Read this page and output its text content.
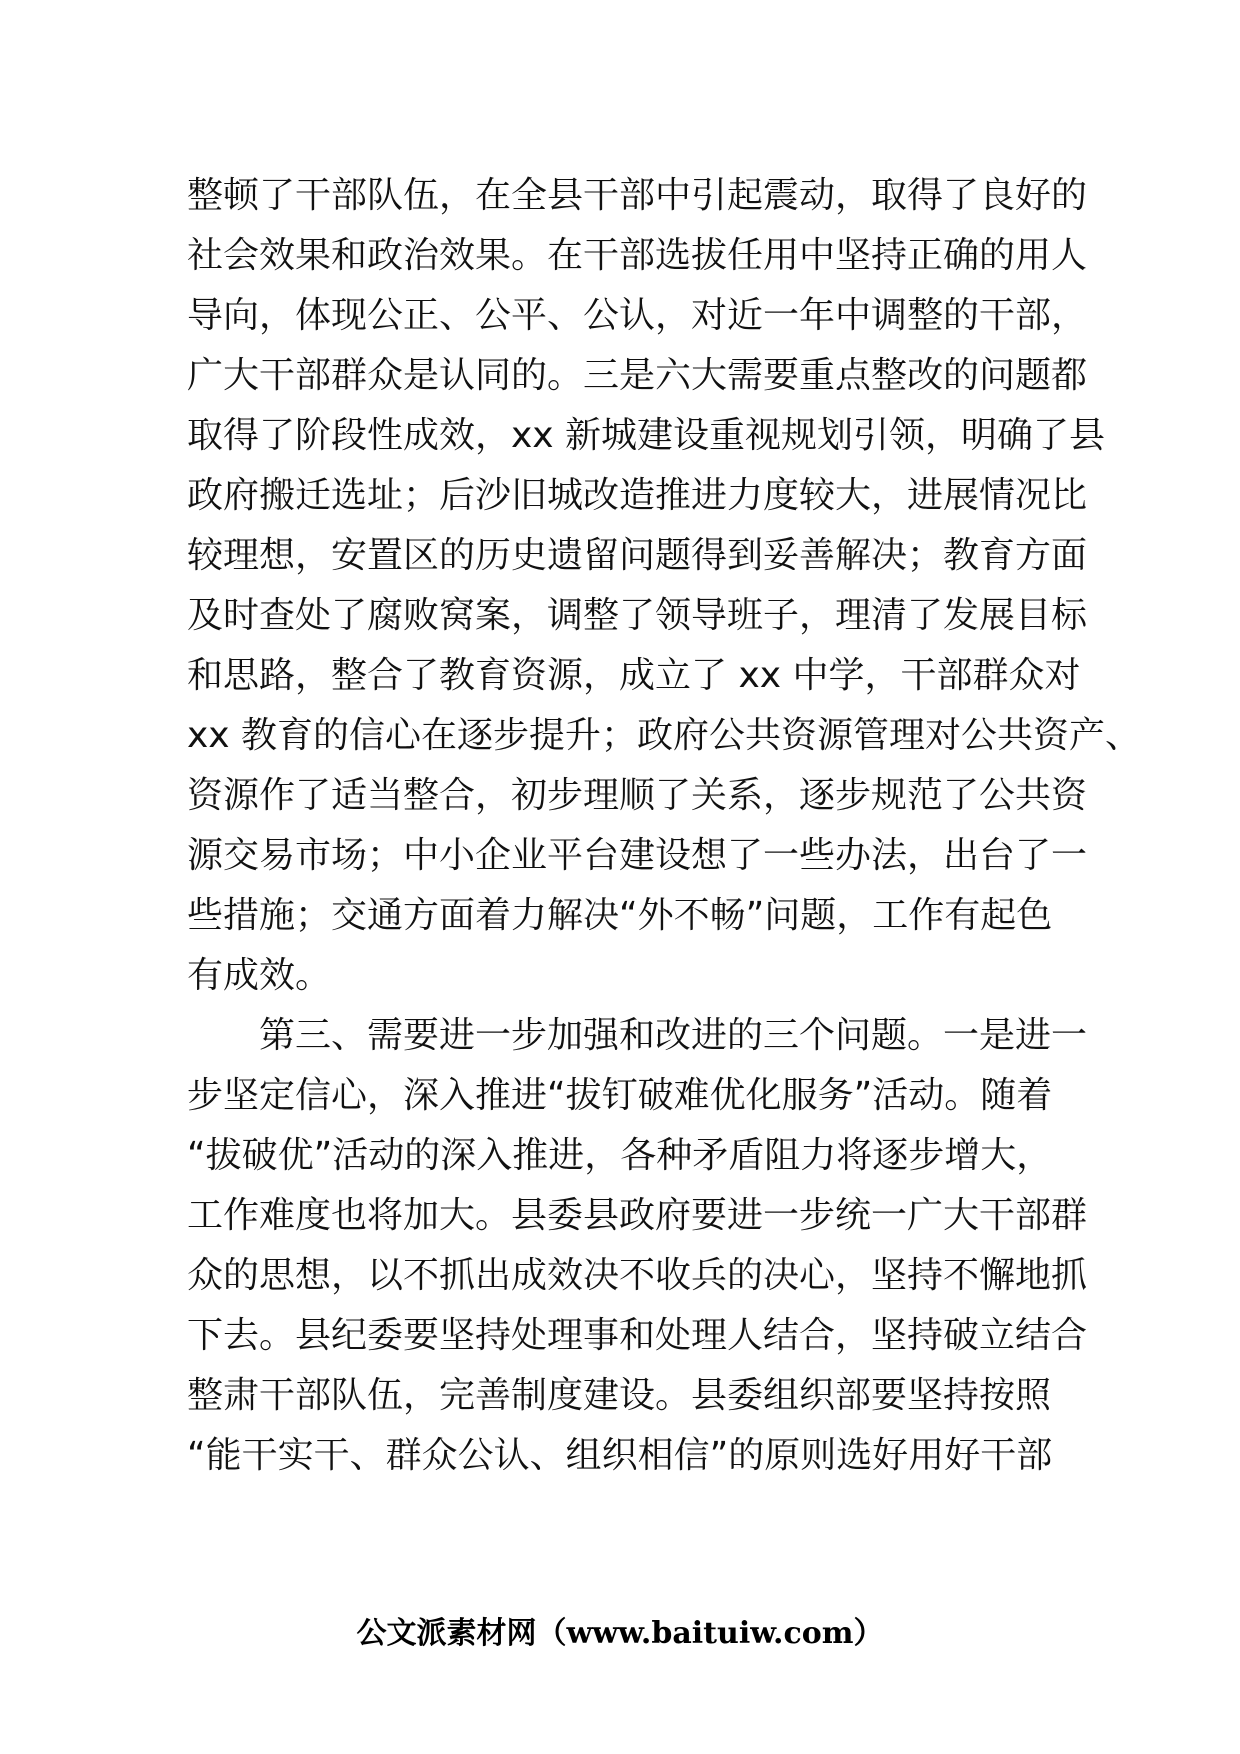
整顿了干部队伍，在全县干部中引起震动，取得了良好的
社会效果和政治效果。在干部选拔任用中坚持正确的用人
导向，体现公正、公平、公认，对近一年中调整的干部，
广大干部群众是认同的。三是六大需要重点整改的问题都
取得了阶段性成效，xx 新城建设重视规划引领，明确了县
政府搬迁选址；后沙旧城改造推进力度较大，进展情况比
较理想，安置区的历史遗留问题得到妥善解决；教育方面
及时查处了腐败窝案，调整了领导班子，理清了发展目标
和思路，整合了教育资源，成立了 xx 中学，干部群众对
xx 教育的信心在逐步提升；政府公共资源管理对公共资产、
资源作了适当整合，初步理顺了关系，逐步规范了公共资
源交易市场；中小企业平台建设想了一些办法，出台了一
些措施；交通方面着力解决“外不畅”问题，工作有起色
有成效。
　　第三、需要进一步加强和改进的三个问题。一是进一
步坚定信心，深入推进“拔钉破难优化服务”活动。随着
“拔破优”活动的深入推进，各种矛盾阻力将逐步增大，
工作难度也将加大。县委县政府要进一步统一广大干部群
众的思想，以不抓出成效决不收兵的决心，坚持不懈地抓
下去。县纪委要坚持处理事和处理人结合，坚持破立结合
整肃干部队伍，完善制度建设。县委组织部要坚持按照
“能干实干、群众公认、组织相信”的原则选好用好干部
公文派素材网（www.baituiw.com）
